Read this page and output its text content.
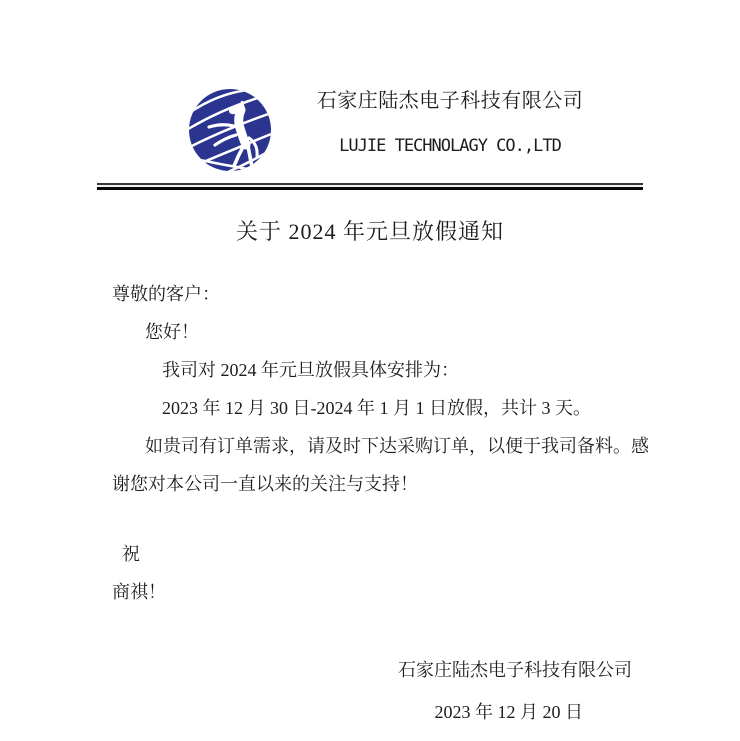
石家庄陆杰电子科技有限公司
LUJIE TECHNOLAGY CO.,LTD
关于 2024 年元旦放假通知
尊敬的客户：
您好！
我司对 2024 年元旦放假具体安排为：
2023 年 12 月 30 日-2024 年 1 月 1 日放假，共计 3 天。
如贵司有订单需求，请及时下达采购订单，以便于我司备料。感
谢您对本公司一直以来的关注与支持！
祝
商祺！
石家庄陆杰电子科技有限公司
2023 年 12 月 20 日
